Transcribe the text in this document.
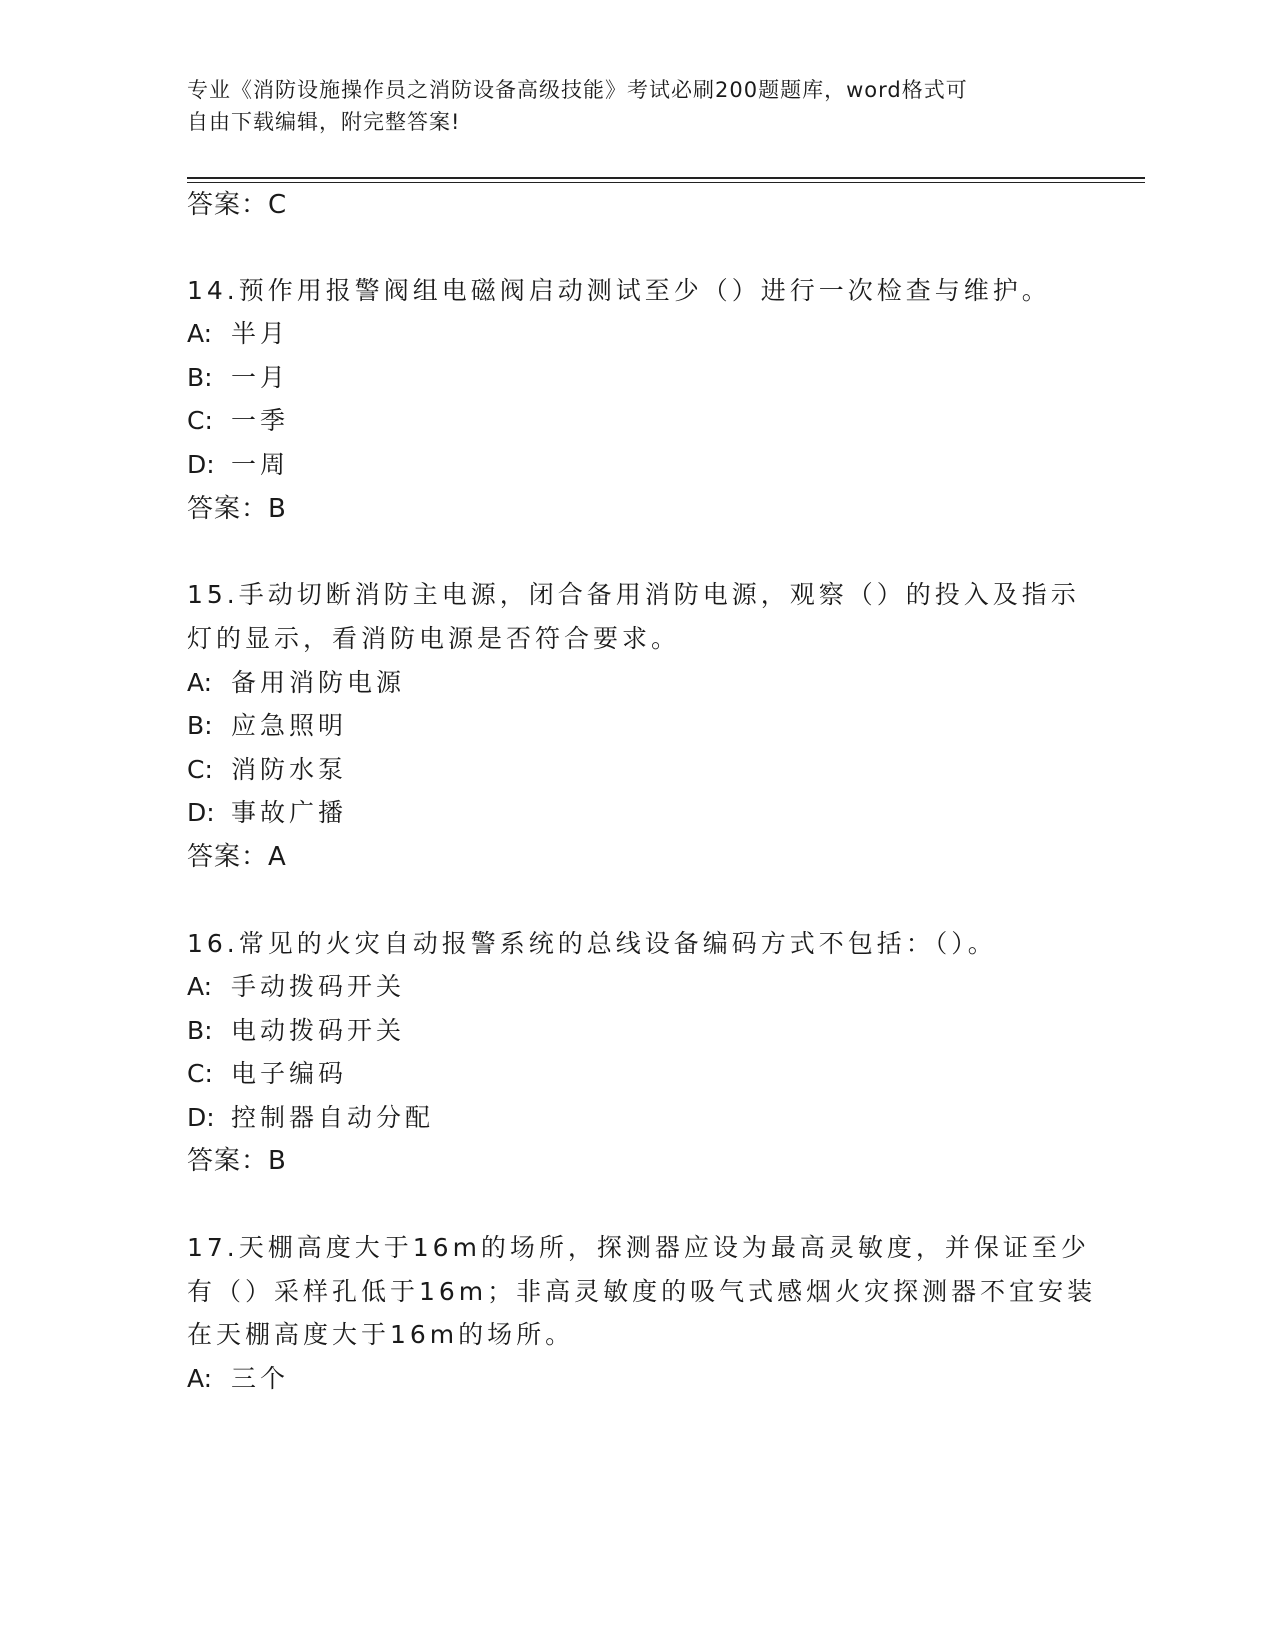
专业《消防设施操作员之消防设备高级技能》考试必刷200题题库，word格式可
自由下载编辑，附完整答案!
答案：C
14.预作用报警阀组电磁阀启动测试至少（）进行一次检查与维护。
A: 半月
B: 一月
C: 一季
D: 一周
答案：B
15.手动切断消防主电源，闭合备用消防电源，观察（）的投入及指示
灯的显示，看消防电源是否符合要求。
A: 备用消防电源
B: 应急照明
C: 消防水泵
D: 事故广播
答案：A
16.常见的火灾自动报警系统的总线设备编码方式不包括：（）。
A: 手动拨码开关
B: 电动拨码开关
C: 电子编码
D: 控制器自动分配
答案：B
17.天棚高度大于16m的场所，探测器应设为最高灵敏度，并保证至少
有（）采样孔低于16m；非高灵敏度的吸气式感烟火灾探测器不宜安装
在天棚高度大于16m的场所。
A: 三个
